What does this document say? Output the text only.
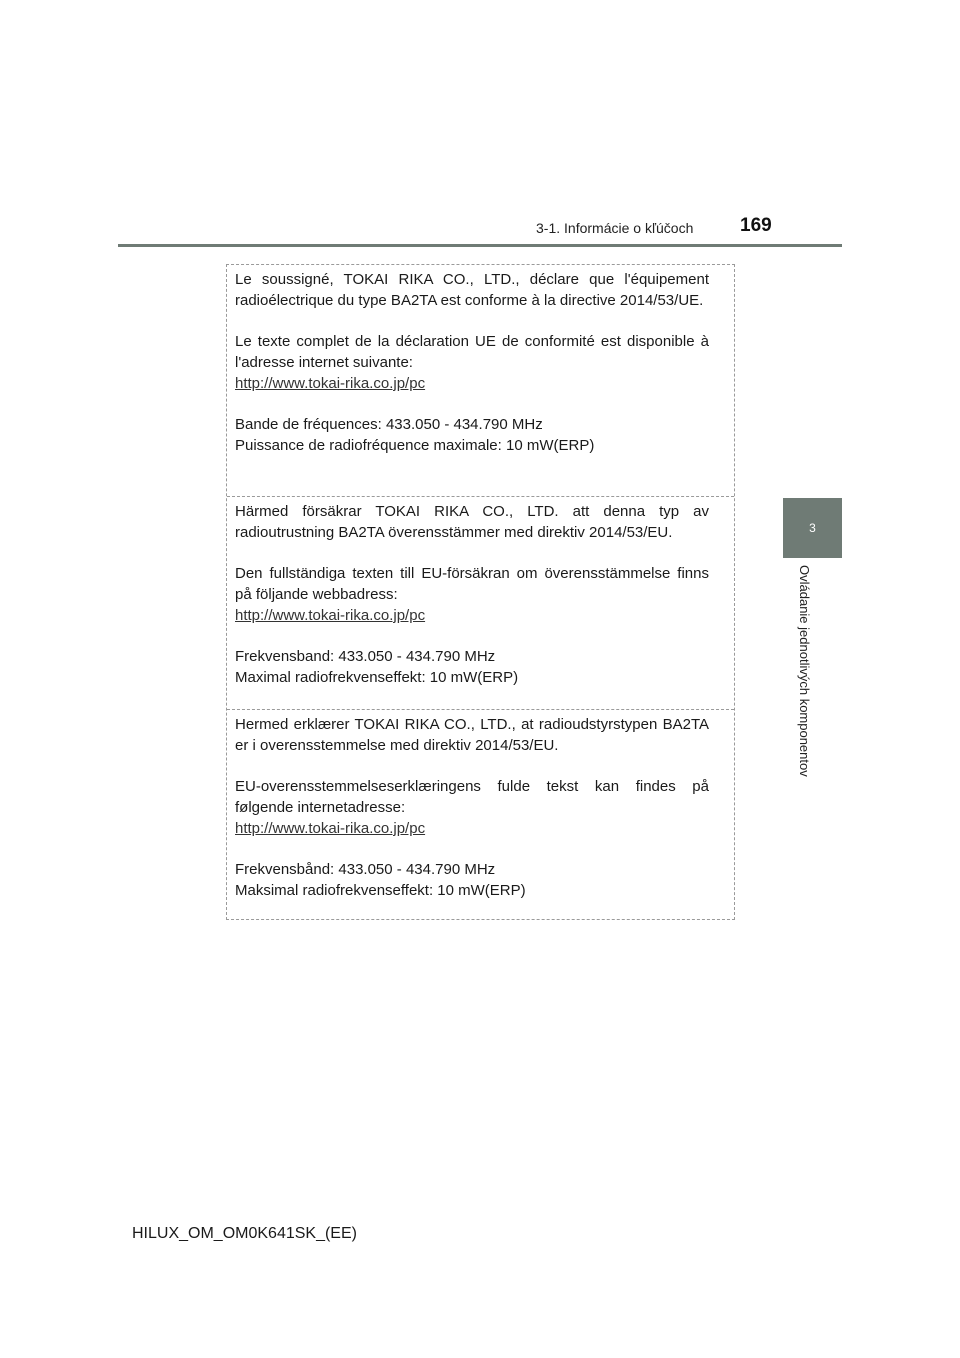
3-1. Informácie o kľúčoch 169
3
Ovládanie jednotlivých komponentov

Le soussigné, TOKAI RIKA CO., LTD., déclare que l'équipement radioélectrique du type BA2TA est conforme à la directive 2014/53/UE.

Le texte complet de la déclaration UE de conformité est disponible à l'adresse internet suivante:
http://www.tokai-rika.co.jp/pc

Bande de fréquences: 433.050 - 434.790 MHz

Puissance de radiofréquence maximale: 10 mW(ERP)

Härmed försäkrar TOKAI RIKA CO., LTD. att denna typ av radioutrustning BA2TA överensstämmer med direktiv 2014/53/EU.

Den fullständiga texten till EU-försäkran om överensstämmelse finns på följande webbadress:
http://www.tokai-rika.co.jp/pc

Frekvensband: 433.050 - 434.790 MHz

Maximal radiofrekvenseffekt: 10 mW(ERP)

Hermed erklærer TOKAI RIKA CO., LTD., at radioudstyrstypen BA2TA er i overensstemmelse med direktiv 2014/53/EU.

EU-overensstemmelseserklæringens fulde tekst kan findes på følgende internetadresse:
http://www.tokai-rika.co.jp/pc

Frekvensbånd: 433.050 - 434.790 MHz

Maksimal radiofrekvenseffekt: 10 mW(ERP)

HILUX_OM_OM0K641SK_(EE)
